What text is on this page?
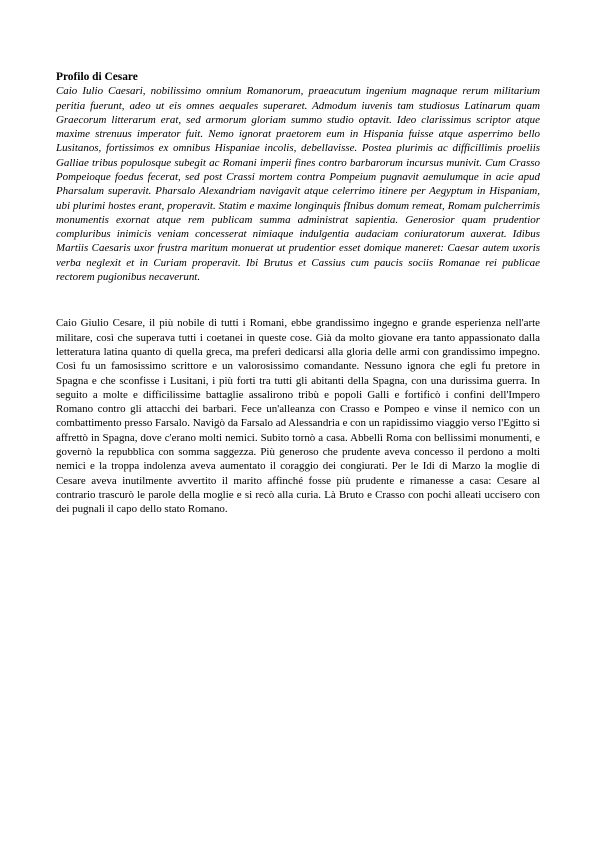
Profilo di Cesare

Caio Iulio Caesari, nobilissimo omnium Romanorum, praeacutum ingenium magnaque rerum militarium peritia fuerunt, adeo ut eis omnes aequales superaret. Admodum iuvenis tam studiosus Latinarum quam Graecorum litterarum erat, sed armorum gloriam summo studio optavit. Ideo clarissimus scriptor atque maxime strenuus imperator fuit. Nemo ignorat praetorem eum in Hispania fuisse atque asperrimo bello Lusitanos, fortissimos ex omnibus Hispaniae incolis, debellavisse. Postea plurimis ac difficillimis proeliis Galliae tribus populosque subegit ac Romani imperii fines contro barbarorum incursus munivit. Cum Crasso Pompeioque foedus fecerat, sed post Crassi mortem contra Pompeium pugnavit aemulumque in acie apud Pharsalum superavit. Pharsalo Alexandriam navigavit atque celerrimo itinere per Aegyptum in Hispaniam, ubi plurimi hostes erant, properavit. Statim e maxime longinquis fInibus domum remeat, Romam pulcherrimis monumentis exornat atque rem publicam summa administrat sapientia. Generosior quam prudentior compluribus inimicis veniam concesserat nimiaque indulgentia audaciam coniuratorum auxerat. Idibus Martiis Caesaris uxor frustra maritum monuerat ut prudentior esset domique maneret: Caesar autem uxoris verba neglexit et in Curiam properavit. Ibi Brutus et Cassius cum paucis sociis Romanae rei publicae rectorem pugionibus necaverunt.

Caio Giulio Cesare, il più nobile di tutti i Romani, ebbe grandissimo ingegno e grande esperienza nell'arte militare, così che superava tutti i coetanei in queste cose. Già da molto giovane era tanto appassionato dalla letteratura latina quanto di quella greca, ma preferì dedicarsi alla gloria delle armi con grandissimo impegno. Così fu un famosissimo scrittore e un valorosissimo comandante. Nessuno ignora che egli fu pretore in Spagna e che sconfisse i Lusitani, i più forti tra tutti gli abitanti della Spagna, con una durissima guerra. In seguito a molte e difficilissime battaglie assalirono tribù e popoli Galli e fortificò i confini dell'Impero Romano contro gli attacchi dei barbari. Fece un'alleanza con Crasso e Pompeo e vinse il nemico con un combattimento presso Farsalo. Navigò da Farsalo ad Alessandria e con un rapidissimo viaggio verso l'Egitto si affrettò in Spagna, dove c'erano molti nemici. Subito tornò a casa. Abbellì Roma con bellissimi monumenti, e governò la repubblica con somma saggezza. Più generoso che prudente aveva concesso il perdono a molti nemici e la troppa indolenza aveva aumentato il coraggio dei congiurati. Per le Idi di Marzo la moglie di Cesare aveva inutilmente avvertito il marito affinché fosse più prudente e rimanesse a casa: Cesare al contrario trascurò le parole della moglie e si recò alla curia. Là Bruto e Crasso con pochi alleati uccisero con dei pugnali il capo dello stato Romano.
